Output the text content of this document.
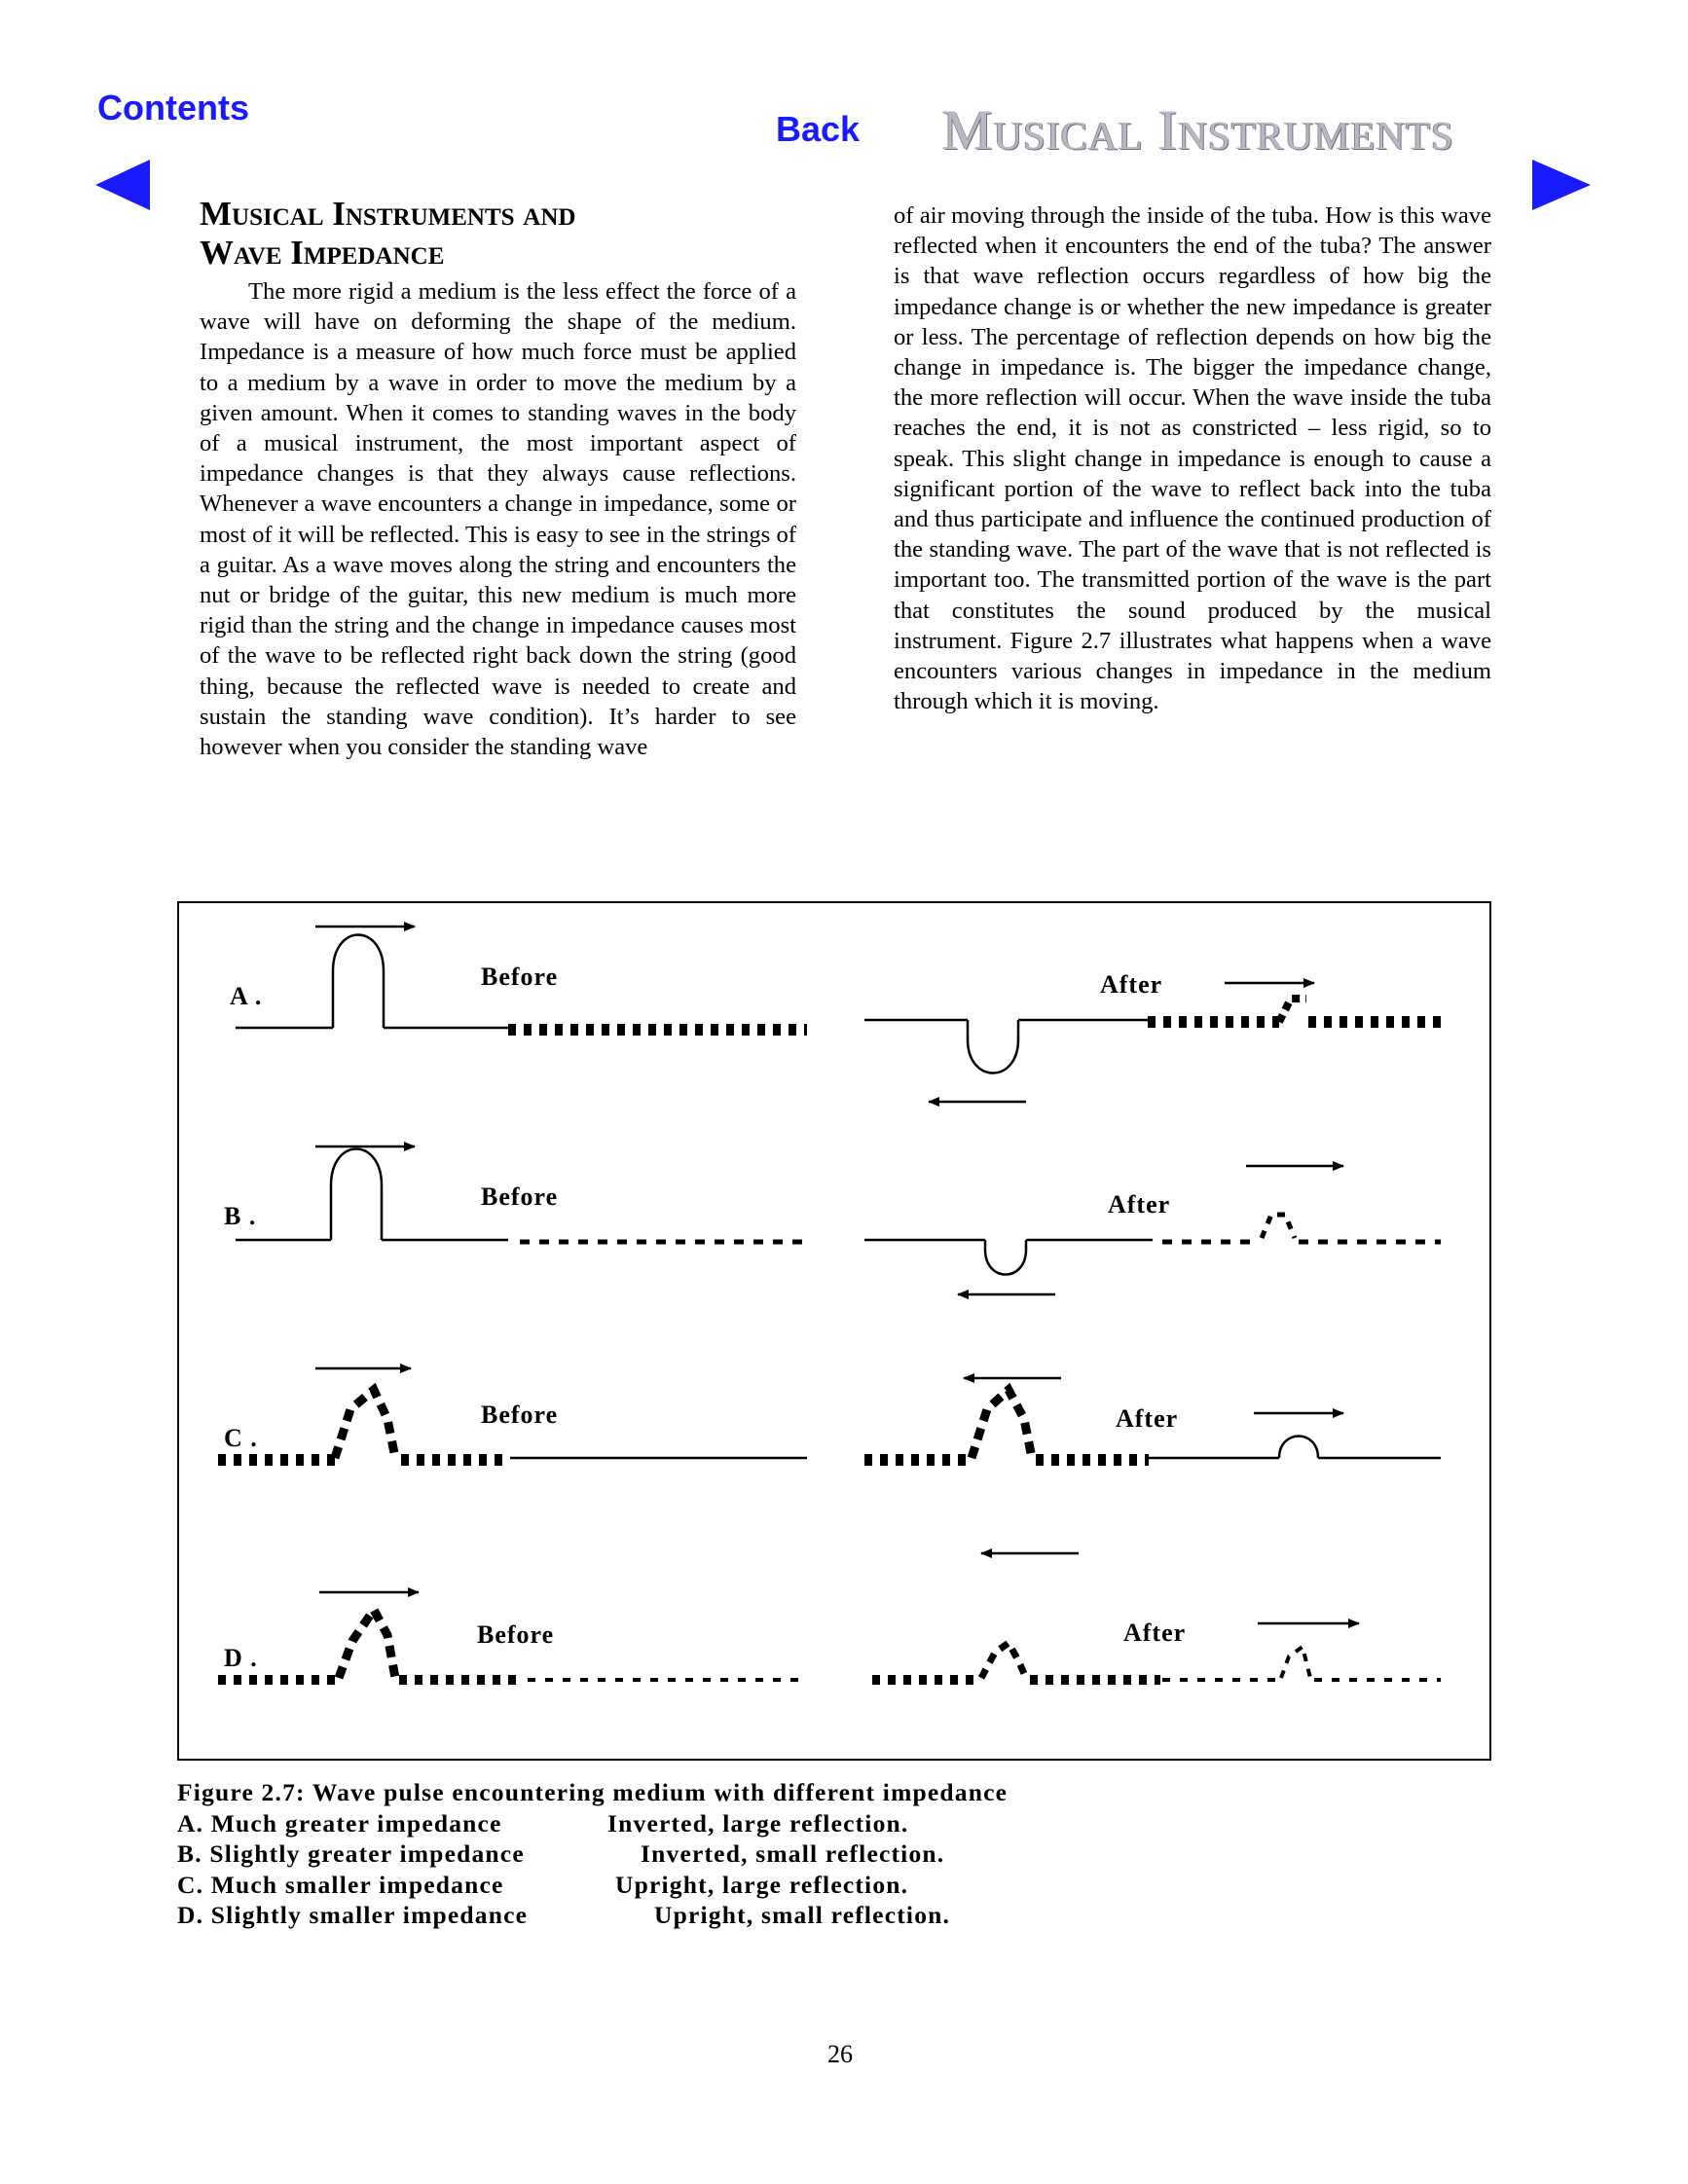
Contents
Back Musical Instruments
Musical Instruments and
Wave Impedance
The more rigid a medium is the less effect the force of a wave will have on deforming the shape of the medium. Impedance is a measure of how much force must be applied to a medium by a wave in order to move the medium by a given amount. When it comes to standing waves in the body of a musical instrument, the most important aspect of impedance changes is that they always cause reflections. Whenever a wave encounters a change in impedance, some or most of it will be reflected. This is easy to see in the strings of a guitar. As a wave moves along the string and encounters the nut or bridge of the guitar, this new medium is much more rigid than the string and the change in impedance causes most of the wave to be reflected right back down the string (good thing, because the reflected wave is needed to create and sustain the standing wave condition). It’s harder to see however when you consider the standing wave
of air moving through the inside of the tuba. How is this wave reflected when it encounters the end of the tuba? The answer is that wave reflection occurs regardless of how big the impedance change is or whether the new impedance is greater or less. The percentage of reflection depends on how big the change in impedance is. The bigger the impedance change, the more reflection will occur. When the wave inside the tuba reaches the end, it is not as constricted – less rigid, so to speak. This slight change in impedance is enough to cause a significant portion of the wave to reflect back into the tuba and thus participate and influence the continued production of the standing wave. The part of the wave that is not reflected is important too. The transmitted portion of the wave is the part that constitutes the sound produced by the musical instrument. Figure 2.7 illustrates what happens when a wave encounters various changes in impedance in the medium through which it is moving.
A .
Before	After
B .
Before	After
C .
Before	After
D .
Before	After
Figure 2.7: Wave pulse encountering medium with different impedance
A. Much greater impedance	Inverted, large reflection.
B. Slightly greater impedance	Inverted, small reflection.
C. Much smaller impedance	Upright, large reflection.
D. Slightly smaller impedance	Upright, small reflection.
26
